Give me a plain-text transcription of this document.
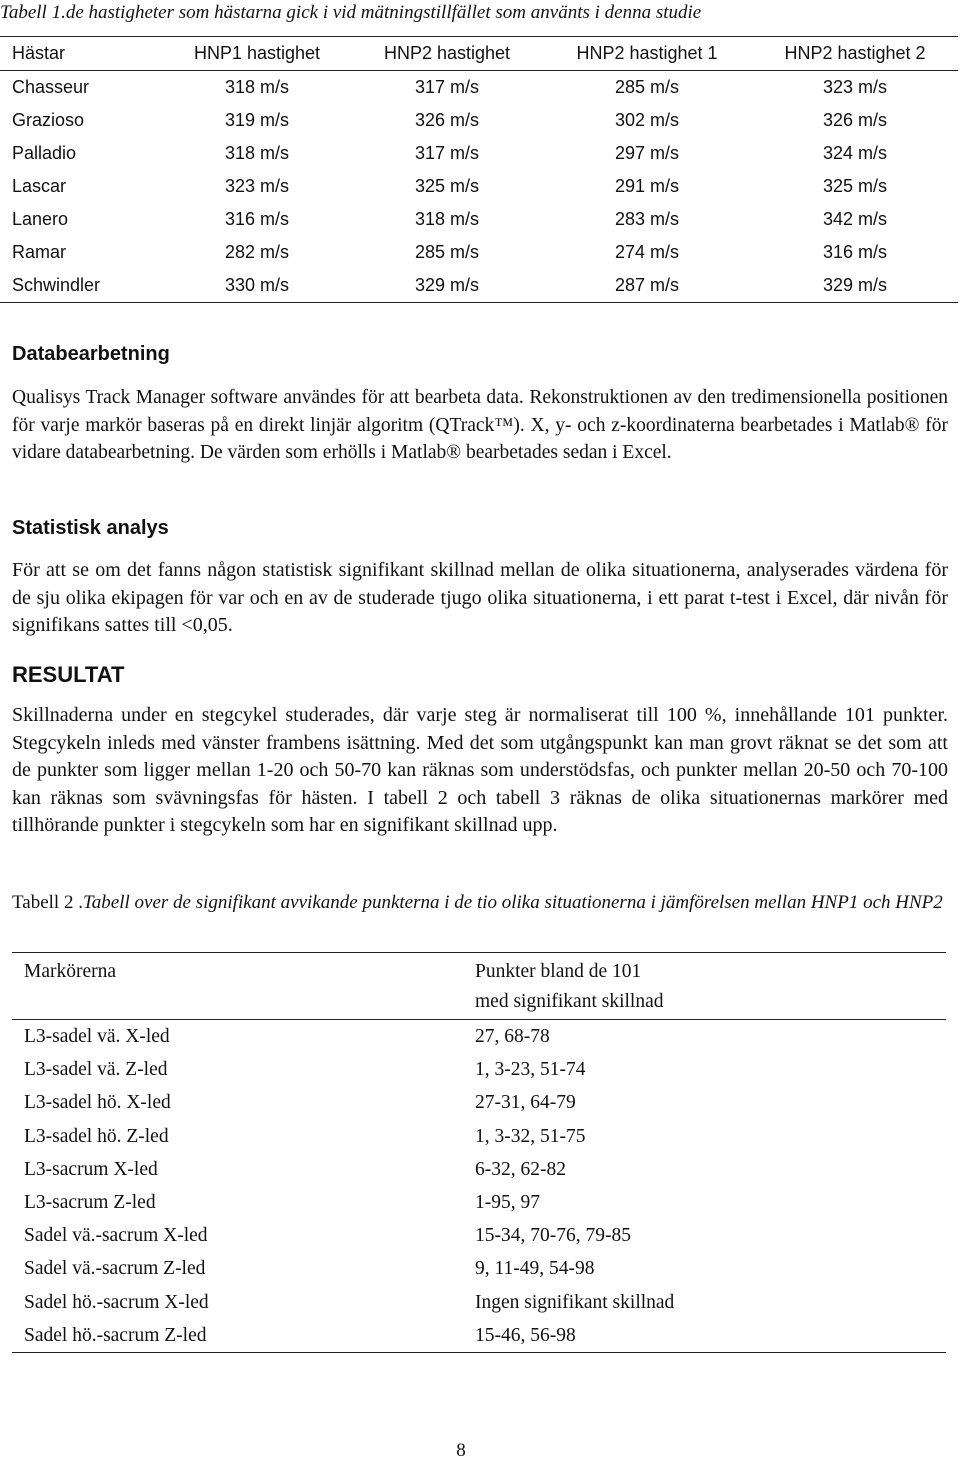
Tabell 1.de hastigheter som hästarna gick i vid mätningstillfället som använts i denna studie
Hästar	HNP1 hastighet	HNP2 hastighet	HNP2 hastighet 1	HNP2 hastighet 2
Chasseur	318 m/s	317 m/s	285 m/s	323 m/s
Grazioso	319 m/s	326 m/s	302 m/s	326 m/s
Palladio	318 m/s	317 m/s	297 m/s	324 m/s
Lascar	323 m/s	325 m/s	291 m/s	325 m/s
Lanero	316 m/s	318 m/s	283 m/s	342 m/s
Ramar	282 m/s	285 m/s	274 m/s	316 m/s
Schwindler	330 m/s	329 m/s	287 m/s	329 m/s
Databearbetning
Qualisys Track Manager software användes för att bearbeta data. Rekonstruktionen av den tredimensionella positionen för varje markör baseras på en direkt linjär algoritm (QTrack™). X, y- och z-koordinaterna bearbetades i Matlab® för vidare databearbetning. De värden som erhölls i Matlab® bearbetades sedan i Excel.
Statistisk analys
För att se om det fanns någon statistisk signifikant skillnad mellan de olika situationerna, analyserades värdena för de sju olika ekipagen för var och en av de studerade tjugo olika situationerna, i ett parat t-test i Excel, där nivån för signifikans sattes till <0,05.
RESULTAT
Skillnaderna under en stegcykel studerades, där varje steg är normaliserat till 100 %, innehållande 101 punkter. Stegcykeln inleds med vänster frambens isättning. Med det som utgångspunkt kan man grovt räknat se det som att de punkter som ligger mellan 1-20 och 50-70 kan räknas som understödsfas, och punkter mellan 20-50 och 70-100 kan räknas som svävningsfas för hästen. I tabell 2 och tabell 3 räknas de olika situationernas markörer med tillhörande punkter i stegcykeln som har en signifikant skillnad upp.
Tabell 2 .Tabell over de signifikant avvikande punkterna i de tio olika situationerna i jämförelsen mellan HNP1 och HNP2
Markörerna	Punkter bland de 101
med signifikant skillnad

L3-sadel vä. X-led	27, 68-78
L3-sadel vä. Z-led	1, 3-23, 51-74
L3-sadel hö. X-led	27-31, 64-79
L3-sadel hö. Z-led	1, 3-32, 51-75
L3-sacrum X-led	6-32, 62-82
L3-sacrum Z-led	1-95, 97
Sadel vä.-sacrum X-led	15-34, 70-76, 79-85
Sadel vä.-sacrum Z-led	9, 11-49, 54-98
Sadel hö.-sacrum X-led	Ingen signifikant skillnad
Sadel hö.-sacrum Z-led	15-46, 56-98
8
